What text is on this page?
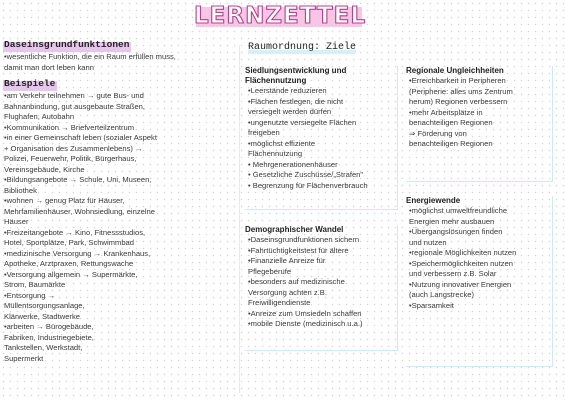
LERNZETTEL
Daseinsgrundfunktionen
•wesentliche Funktion, die ein Raum erfüllen muss,
damit man dort leben kann
Beispiele
•am Verkehr teilnehmen → gute Bus- und
Bahnanbindung, gut ausgebaute Straßen,
Flughafen, Autobahn
•Kommunikation → Briefverteilzentrum
•in einer Gemeinschaft leben (sozialer Aspekt
+ Organisation des Zusammenlebens) →
Polizei, Feuerwehr, Politik, Bürgerhaus,
Vereinsgebäude, Kirche
•Bildungsangebote → Schule, Uni, Museen,
Bibliothek
•wohnen → genug Platz für Häuser,
Mehrfamilienhäuser, Wohnsiedlung, einzelne
Häuser
•Freizeitangebote → Kino, Fitnessstudios,
Hotel, Sportplätze, Park, Schwimmbad
•medizinische Versorgung → Krankenhaus,
Apotheke, Arztpraxen, Rettungswache
•Versorgung allgemein → Supermärkte,
Strom, Baumärkte
•Entsorgung →
Müllentsorgungsanlage,
Klärwerke, Stadtwerke
•arbeiten → Bürogebäude,
Fabriken, Industriegebiete,
Tankstellen, Werkstadt,
Supermerkt
Raumordnung: Ziele
Siedlungsentwicklung und
Flächennutzung
•Leerstände reduzieren
•Flächen festlegen, die nicht
versiegelt werden dürfen
•ungenutzte versiegelte Flächen
freigeben
•möglichst effiziente
Flächennutzung
• Mehrgenerationenhäuser
• Gesetzliche Zuschüsse/„Strafen"
• Begrenzung für Flächenverbrauch
Regionale Ungleichheiten
•Erreichbarkeit in Peripheren
(Peripherie: alles ums Zentrum
herum) Regionen verbessern
•mehr Arbeitsplätze in
benachteiligen Regionen
⇒ Förderung von
benachteiligen Regionen
Demographischer Wandel
•Daseinsgrundfunktionen sichern
•Fahrtüchtigkeitstest für ältere
•Finanzielle Anreize für
Pflegeberufe
•besonders auf medizinische
Versorgung achten z.B.
Freiwilligendienste
•Anreize zum Umsiedeln schaffen
•mobile Dienste (medizinisch u.a.)
Energiewende
•möglichst umweltfreundliche
Energien mehr ausbauen
•Übergangslösungen finden
und nutzen
•regionale Möglichkeiten nutzen
•Speichermöglichkeiten nutzen
und verbessern z.B. Solar
•Nutzung innovativer Energien
(auch Langstrecke)
•Sparsamkeit
